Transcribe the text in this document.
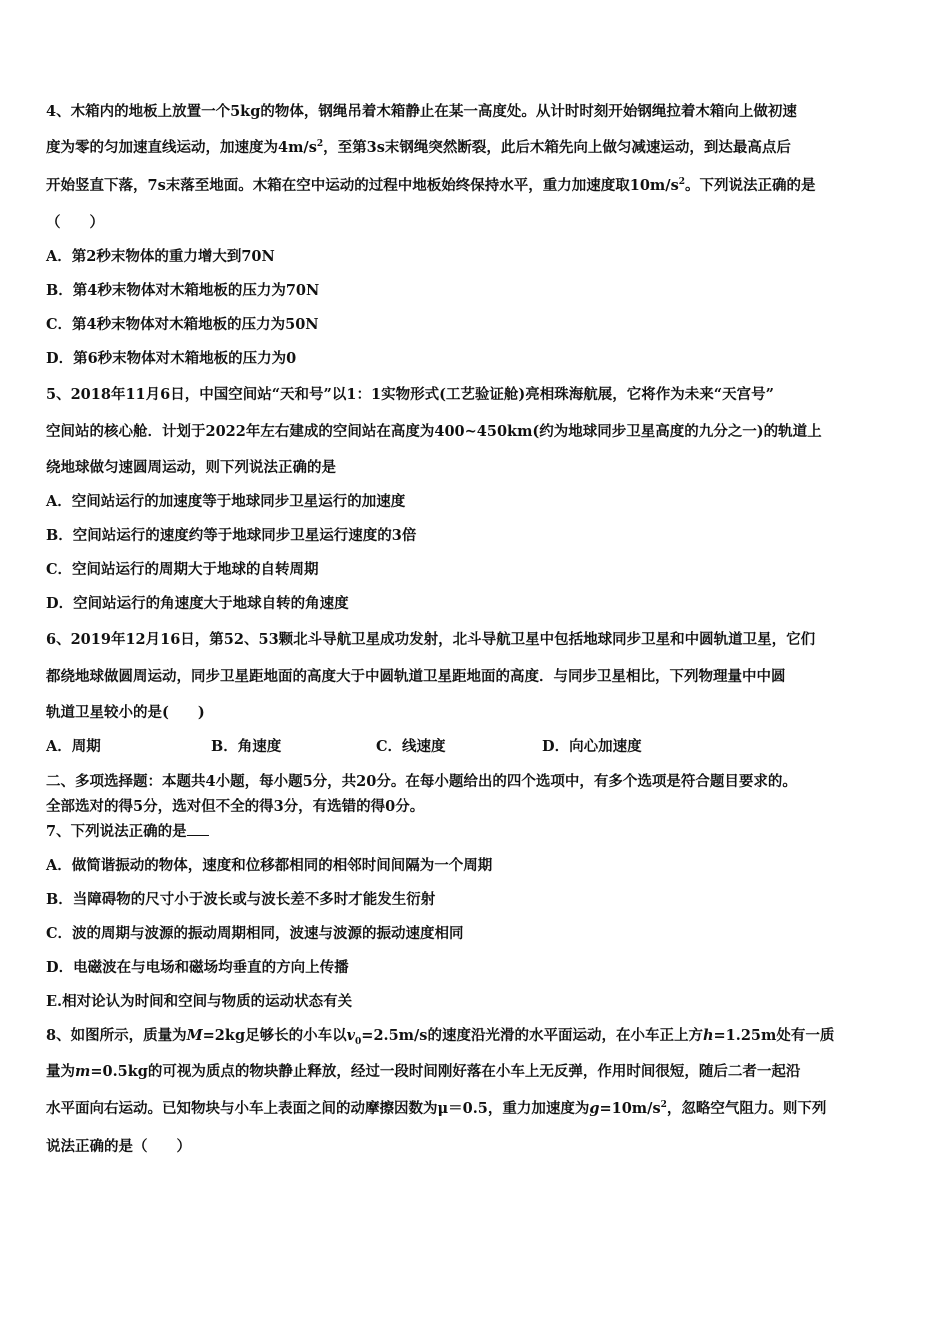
4、木箱内的地板上放置一个5kg的物体，钢绳吊着木箱静止在某一高度处。从计时时刻开始钢绳拉着木箱向上做初速
度为零的匀加速直线运动，加速度为$4m/s^2$，至第3s末钢绳突然断裂，此后木箱先向上做匀减速运动，到达最高点后
开始竖直下落，7s末落至地面。木箱在空中运动的过程中地板始终保持水平，重力加速度取$10m/s^2$。下列说法正确的是
（　　）
A．第2秒末物体的重力增大到70N
B．第4秒末物体对木箱地板的压力为70N
C．第4秒末物体对木箱地板的压力为50N
D．第6秒末物体对木箱地板的压力为0
5、2018年11月6日，中国空间站“天和号”以1：1实物形式(工艺验证舱)亮相珠海航展，它将作为未来“天宫号”
空间站的核心舱．计划于2022年左右建成的空间站在高度为400~450km(约为地球同步卫星高度的九分之一)的轨道上
绕地球做匀速圆周运动，则下列说法正确的是
A．空间站运行的加速度等于地球同步卫星运行的加速度
B．空间站运行的速度约等于地球同步卫星运行速度的3倍
C．空间站运行的周期大于地球的自转周期
D．空间站运行的角速度大于地球自转的角速度
6、2019年12月16日，第52、53颗北斗导航卫星成功发射，北斗导航卫星中包括地球同步卫星和中圆轨道卫星，它们
都绕地球做圆周运动，同步卫星距地面的高度大于中圆轨道卫星距地面的高度．与同步卫星相比，下列物理量中中圆
轨道卫星较小的是(　　)
A．周期	B．角速度	C．线速度	D．向心加速度
二、多项选择题：本题共4小题，每小题5分，共20分。在每小题给出的四个选项中，有多个选项是符合题目要求的。
全部选对的得5分，选对但不全的得3分，有选错的得0分。
7、下列说法正确的是
A．做简谐振动的物体，速度和位移都相同的相邻时间间隔为一个周期
B．当障碍物的尺寸小于波长或与波长差不多时才能发生衍射
C．波的周期与波源的振动周期相同，波速与波源的振动速度相同
D．电磁波在与电场和磁场均垂直的方向上传播
E.相对论认为时间和空间与物质的运动状态有关
8、如图所示，质量为M=2kg足够长的小车以$v_0=2.5m/s$的速度沿光滑的水平面运动，在小车正上方h=1.25m处有一质
量为m=0.5kg的可视为质点的物块静止释放，经过一段时间刚好落在小车上无反弹，作用时间很短，随后二者一起沿
水平面向右运动。已知物块与小车上表面之间的动摩擦因数为μ＝0.5，重力加速度为$g=10m/s^2$，忽略空气阻力。则下列
说法正确的是（　　）
